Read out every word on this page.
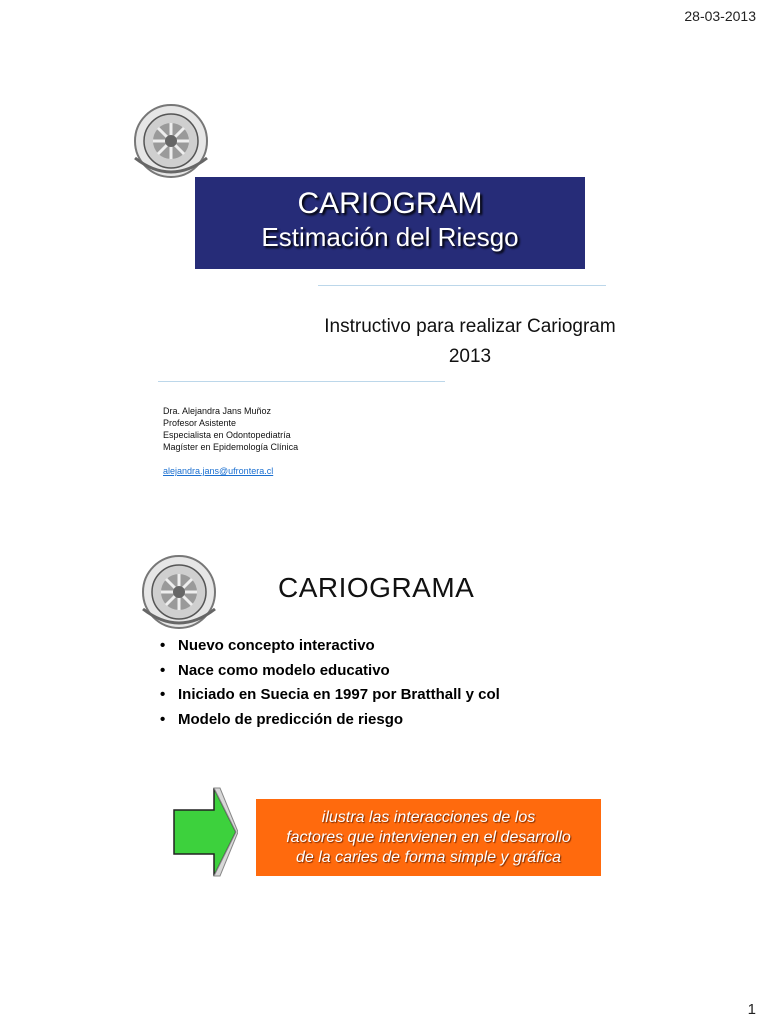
28-03-2013
CARIOGRAM
Estimación del Riesgo
Instructivo para realizar Cariogram
2013
Dra. Alejandra Jans Muñoz
Profesor Asistente
Especialista en Odontopediatría
Magíster en Epidemología Clínica
alejandra.jans@ufrontera.cl
CARIOGRAMA
• Nuevo concepto interactivo
• Nace como modelo educativo
• Iniciado en Suecia en 1997 por Bratthall y col
• Modelo de predicción de riesgo
ilustra las interacciones de los
factores que intervienen en el desarrollo
de la caries de forma simple y gráfica
1
